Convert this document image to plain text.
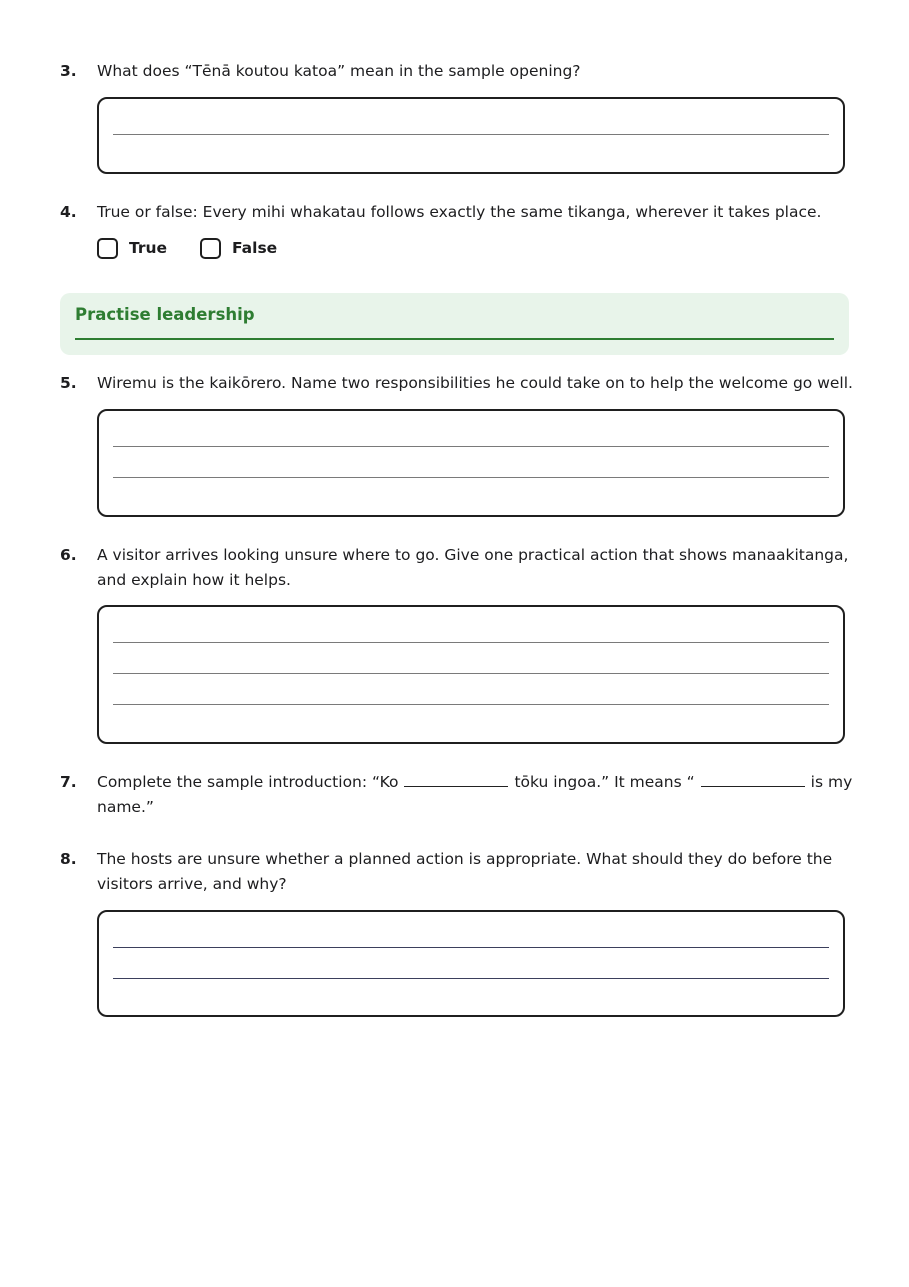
3. What does “Tēnā koutou katoa” mean in the sample opening?
4. True or false: Every mihi whakatau follows exactly the same tikanga, wherever it takes place.
True	False
Practise leadership
5. Wiremu is the kaikōrero. Name two responsibilities he could take on to help the welcome go well.
6. A visitor arrives looking unsure where to go. Give one practical action that shows manaakitanga, and explain how it helps.
7. Complete the sample introduction: “Ko	tōku ingoa.” It means “	is my name.”
8. The hosts are unsure whether a planned action is appropriate. What should they do before the visitors arrive, and why?
